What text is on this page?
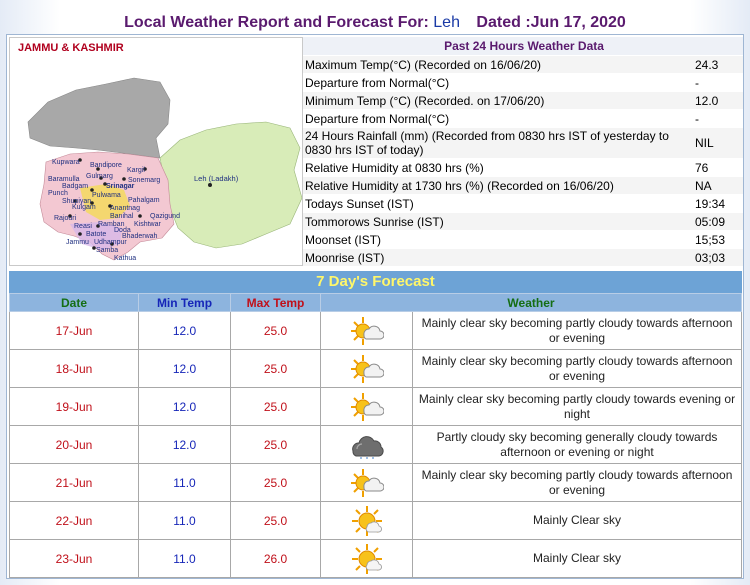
Local Weather Report and Forecast For: Leh Dated :Jun 17, 2020
Leh (Ladakh)
Kargil
Kupwara Bandipore
Gulmarg
Sonemarg
Baramulla
Badgam	Srinagar
Pulwama
Punch
Shupiyan
Kulgam
Pahalgam
Anantnag
Banihal Qazigund
Rajouri
Kishtwar
Reasi Ramban
Batote Bhaderwah
Udhampur
Jammu
Samba
Kathua
Doda
JAMMU & KASHMIR	Past 24 Hours Weather Data	
Maximum Temp(°C) (Recorded on 16/06/20)	24.3
Departure from Normal(°C)	-
Minimum Temp (°C) (Recorded. on 17/06/20)	12.0
Departure from Normal(°C)	-
24 Hours Rainfall (mm) (Recorded from 0830 hrs IST of yesterday to 0830 hrs IST of today)	NIL
Relative Humidity at 0830 hrs (%)	76
Relative Humidity at 1730 hrs (%) (Recorded on 16/06/20)	NA
Todays Sunset (IST)	19:34
Tommorows Sunrise (IST)	05:09
Moonset (IST)	15;53
Moonrise (IST)	03;03
7 Day's Forecast
Date	Min Temp	Max Temp	Weather	
17-Jun	12.0	25.0		Mainly clear sky becoming partly cloudy towards afternoon or evening
18-Jun	12.0	25.0		Mainly clear sky becoming partly cloudy towards afternoon or evening
19-Jun	12.0	25.0		Mainly clear sky becoming partly cloudy towards evening or night
20-Jun	12.0	25.0		Partly cloudy sky becoming generally cloudy towards afternoon or evening or night
21-Jun	11.0	25.0		Mainly clear sky becoming partly cloudy towards afternoon or evening
22-Jun	11.0	25.0		Mainly Clear sky
23-Jun	11.0	26.0		Mainly Clear sky
